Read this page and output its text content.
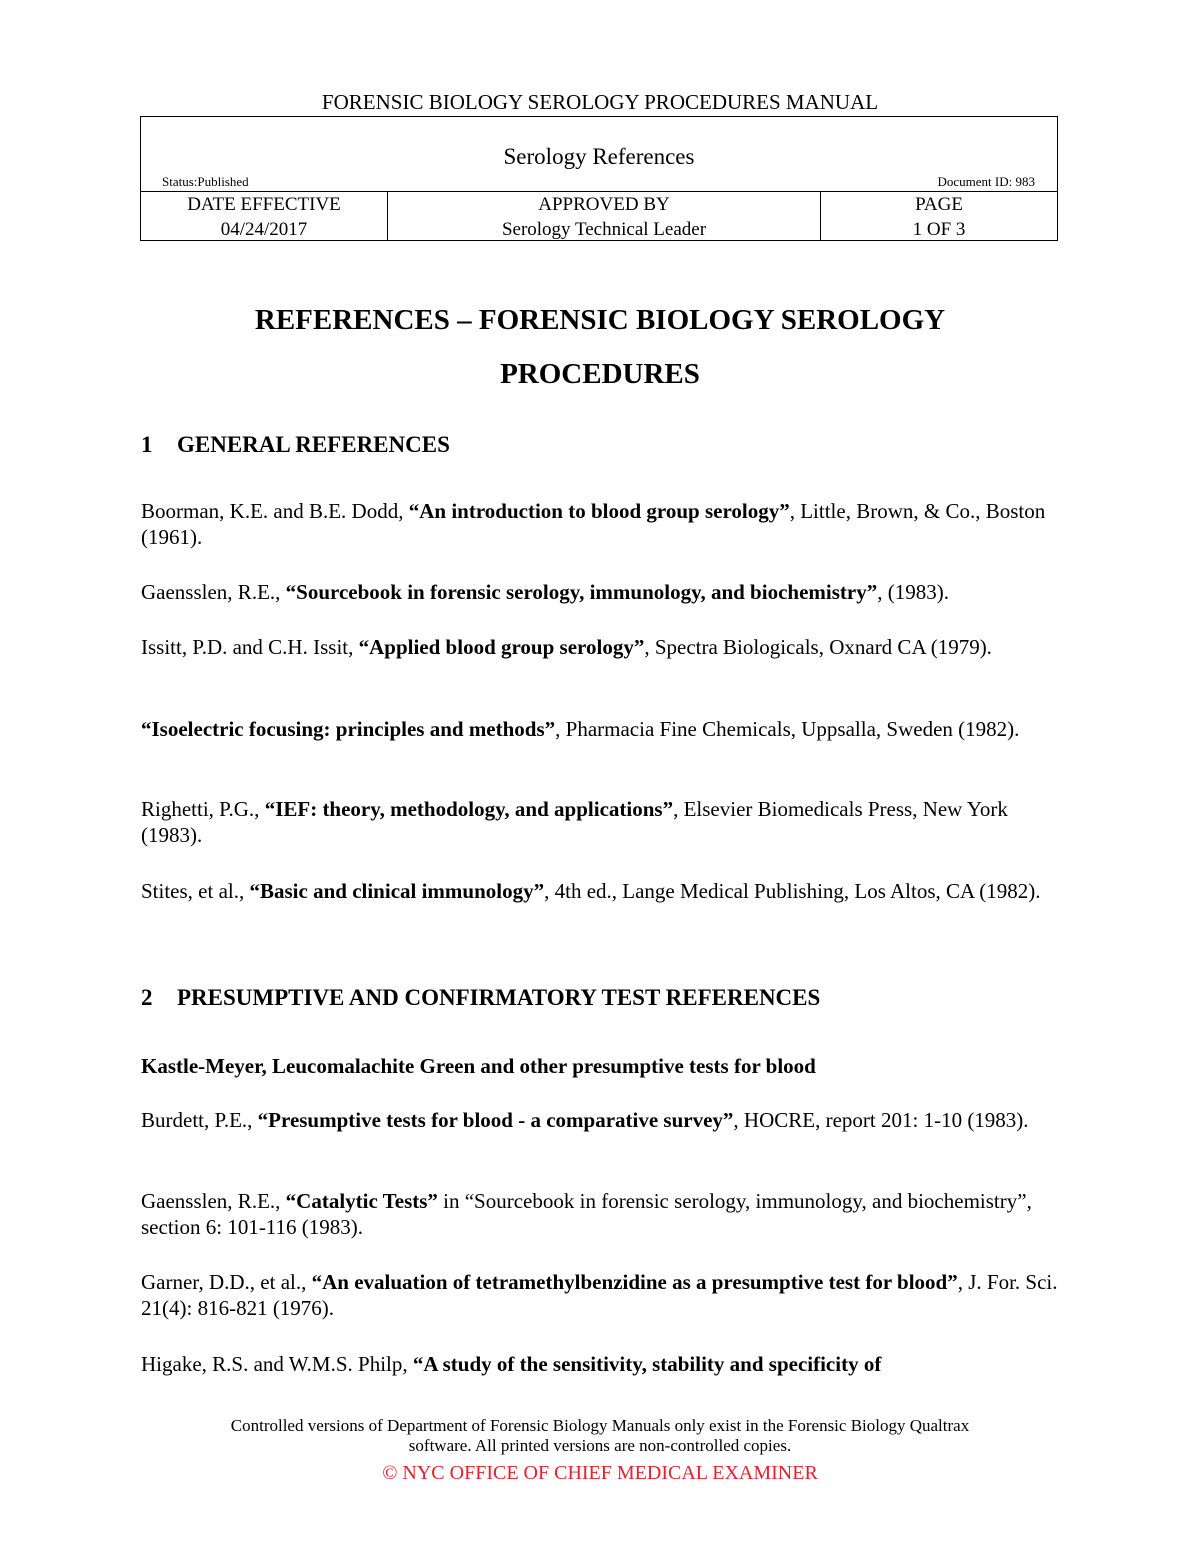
FORENSIC BIOLOGY SEROLOGY PROCEDURES MANUAL
Serology References
Status:Published	Document ID: 983
DATE EFFECTIVE
04/24/2017
APPROVED BY
Serology Technical Leader
PAGE
1 OF 3
REFERENCES – FORENSIC BIOLOGY SEROLOGY
PROCEDURES
1 GENERAL REFERENCES
Boorman, K.E. and B.E. Dodd, “An introduction to blood group serology”, Little, Brown, & Co., Boston (1961).
Gaensslen, R.E., “Sourcebook in forensic serology, immunology, and biochemistry”, (1983).
Issitt, P.D. and C.H. Issit, “Applied blood group serology”, Spectra Biologicals, Oxnard CA (1979).
“Isoelectric focusing: principles and methods”, Pharmacia Fine Chemicals, Uppsalla, Sweden (1982).
Righetti, P.G., “IEF: theory, methodology, and applications”, Elsevier Biomedicals Press, New York (1983).
Stites, et al., “Basic and clinical immunology”, 4th ed., Lange Medical Publishing, Los Altos, CA (1982).
2 PRESUMPTIVE AND CONFIRMATORY TEST REFERENCES
Kastle-Meyer, Leucomalachite Green and other presumptive tests for blood
Burdett, P.E., “Presumptive tests for blood - a comparative survey”, HOCRE, report 201: 1-10 (1983).
Gaensslen, R.E., “Catalytic Tests” in “Sourcebook in forensic serology, immunology, and biochemistry”, section 6: 101-116 (1983).
Garner, D.D., et al., “An evaluation of tetramethylbenzidine as a presumptive test for blood”, J. For. Sci. 21(4): 816-821 (1976).
Higake, R.S. and W.M.S. Philp, “A study of the sensitivity, stability and specificity of
Controlled versions of Department of Forensic Biology Manuals only exist in the Forensic Biology Qualtrax
software. All printed versions are non-controlled copies.
© NYC OFFICE OF CHIEF MEDICAL EXAMINER
